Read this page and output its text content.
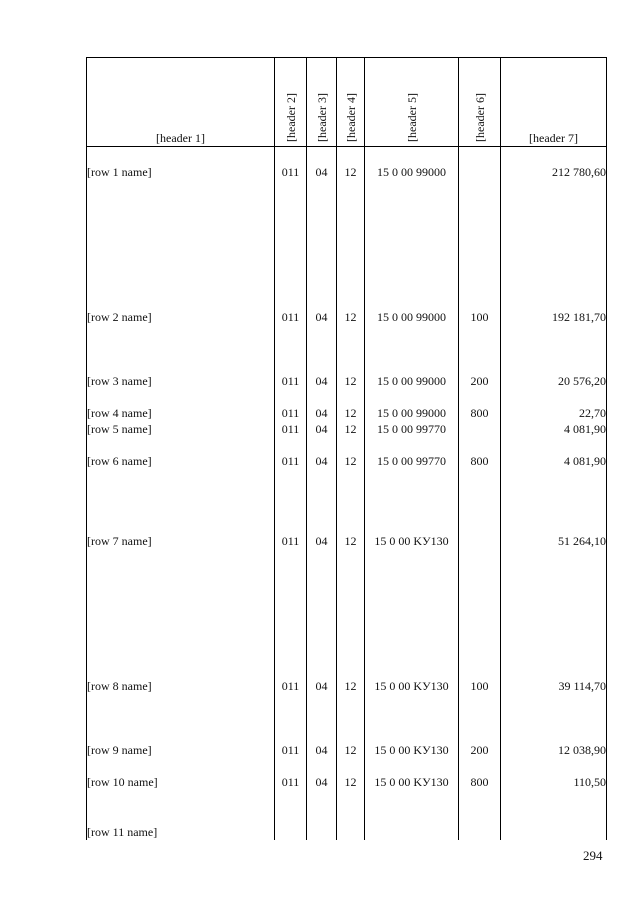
[header 1]	[header 2]	[header 3]	[header 4]	[header 5]	[header 6]	[header 7]
[row 1 name]	011	04	12	15 0 00 99000		212 780,60
[row 2 name]	011	04	12	15 0 00 99000	100	192 181,70
[row 3 name]	011	04	12	15 0 00 99000	200	20 576,20
[row 4 name]	011	04	12	15 0 00 99000	800	22,70
[row 5 name]	011	04	12	15 0 00 99770		4 081,90
[row 6 name]	011	04	12	15 0 00 99770	800	4 081,90
[row 7 name]	011	04	12	15 0 00 KУ130		51 264,10
[row 8 name]	011	04	12	15 0 00 KУ130	100	39 114,70
[row 9 name]	011	04	12	15 0 00 KУ130	200	12 038,90
[row 10 name]	011	04	12	15 0 00 KУ130	800	110,50
[row 11 name]						
294
